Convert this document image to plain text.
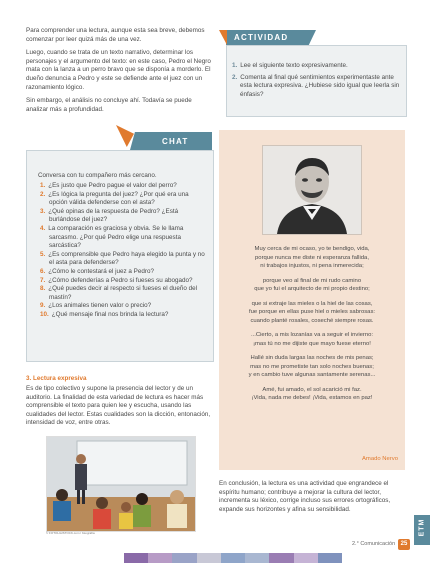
Para comprender una lectura, aunque esta sea breve, debemos comenzar por leer quizá más de una vez.

Luego, cuando se trata de un texto narrativo, determinar los personajes y el argumento del texto: en este caso, Pedro el Negro mata con la lanza a un perro bravo que se disponía a morderlo. El dueño denuncia a Pedro y este se defiende ante el juez con un razonamiento lógico.

Sin embargo, el análisis no concluye ahí. Todavía se puede analizar más a profundidad.

ACTIVIDAD
1. Lee el siguiente texto expresivamente.
2. Comenta al final qué sentimientos experimentaste ante esta lectura expresiva. ¿Hubiese sido igual que leerla sin énfasis?
CHAT
Conversa con tu compañero más cercano.
1. ¿Es justo que Pedro pague el valor del perro?
2. ¿Es lógica la pregunta del juez? ¿Por qué era una opción válida defenderse con el asta?
3. ¿Qué opinas de la respuesta de Pedro? ¿Está burlándose del juez?
4. La comparación es graciosa y obvia. Se le llama sarcasmo. ¿Por qué Pedro elige una respuesta sarcástica?
5. ¿Es comprensible que Pedro haya elegido la punta y no el asta para defenderse?
6. ¿Cómo le contestará el juez a Pedro?
7. ¿Cómo defenderías a Pedro si fueses su abogado?
8. ¿Qué puedes decir al respecto si fueses el dueño del mastín?
9. ¿Los animales tienen valor o precio?
10. ¿Qué mensaje final nos brinda la lectura?
3. Lectura expresiva
Es de tipo colectivo y supone la presencia del lector y de un auditorio. La finalidad de esta variedad de lectura es hacer más comprensible el texto para quien lee y escucha, usando las cualidades del lector. Estas cualidades son la dicción, entonación, intensidad de voz, entre otras.
© FOTOLIA/STOCK.com / fotografía

Muy cerca de mi ocaso, yo te bendigo, vida,
porque nunca me diste ni esperanza fallida,
ni trabajos injustos, ni pena inmerecida;

porque veo al final de mi rudo camino
que yo fui el arquitecto de mi propio destino;

que si extraje las mieles o la hiel de las cosas,
fue porque en ellas puse hiel o mieles sabrosas:
cuando planté rosales, coseché siempre rosas.

...Cierto, a mis lozanías va a seguir el invierno:
¡mas tú no me dijiste que mayo fuese eterno!

Hallé sin duda largas las noches de mis penas;
mas no me prometiste tan solo noches buenas;
y en cambio tuve algunas santamente serenas...

Amé, fui amado, el sol acarició mi faz.
¡Vida, nada me debes! ¡Vida, estamos en paz!

Amado Nervo
En conclusión, la lectura es una actividad que engrandece el espíritu humano; contribuye a mejorar la cultura del lector, incrementa su léxico, corrige incluso sus errores ortográficos, expande sus horizontes y afina su sensibilidad.
ETM
2.° Comunicación 25
